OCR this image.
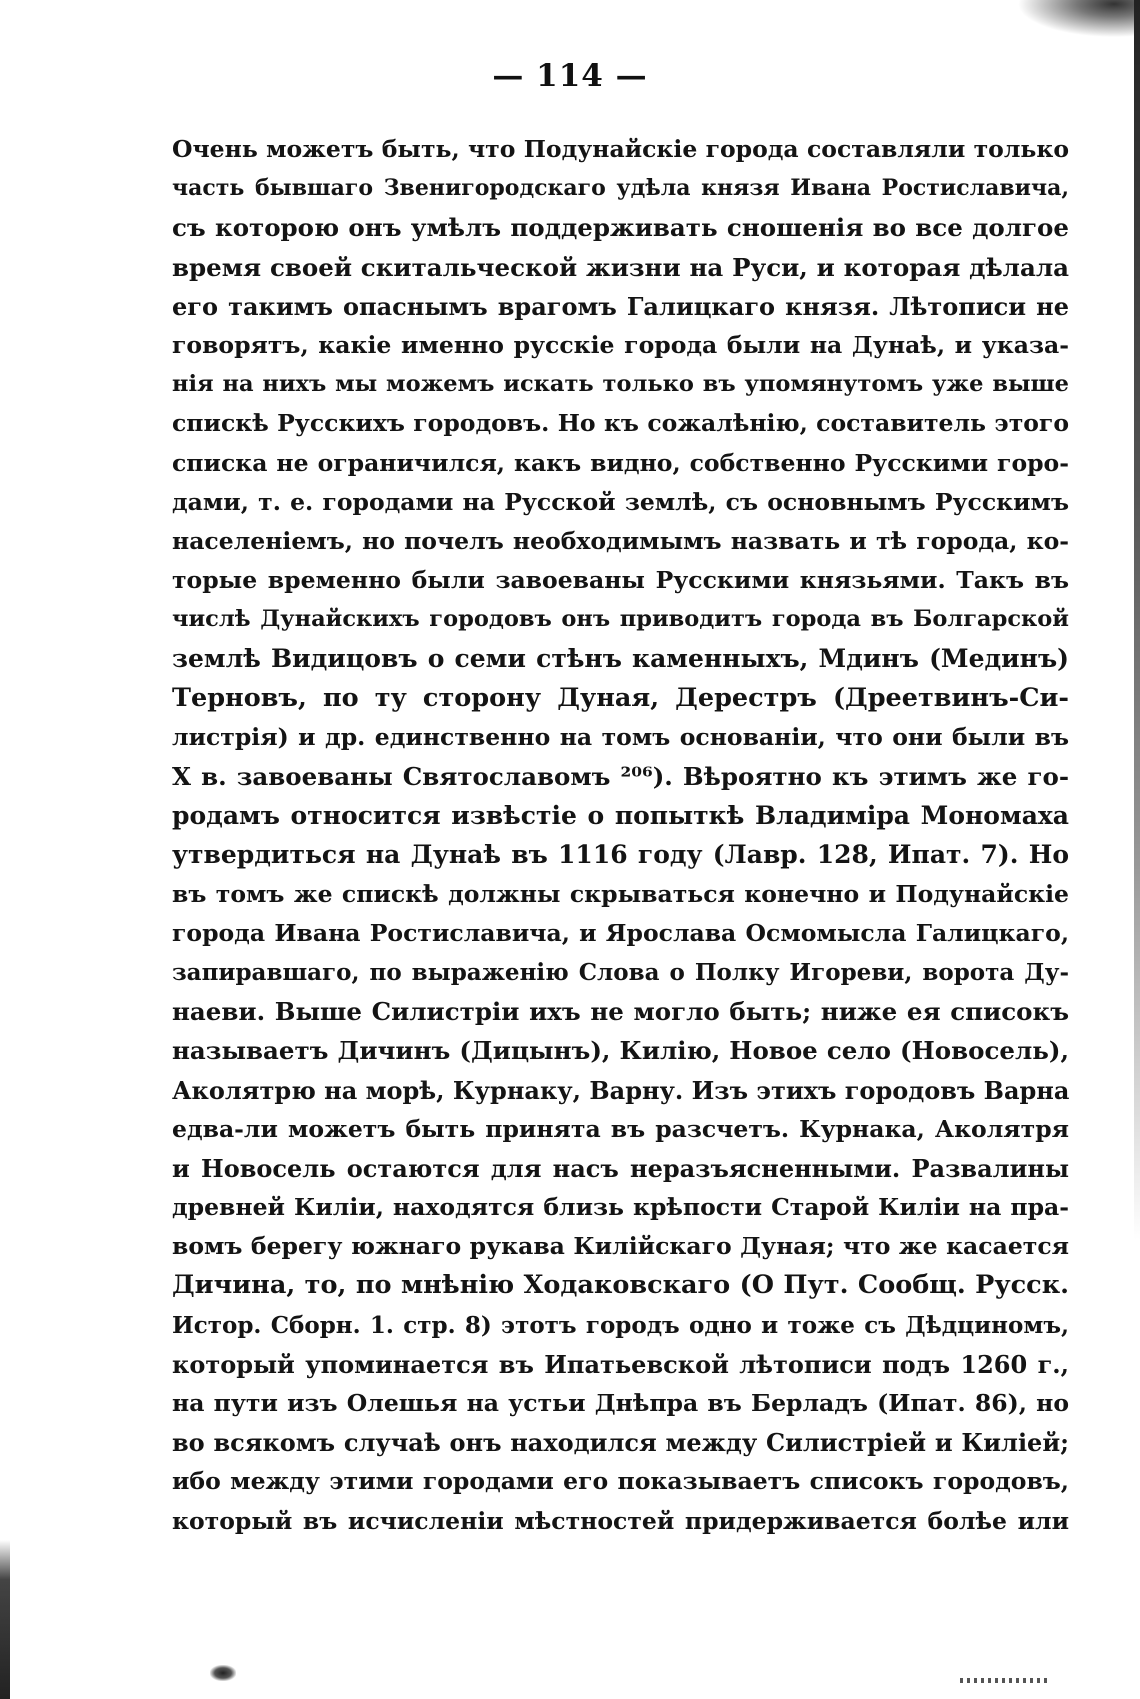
— 114 —
Очень можетъ быть, что Подунайскіе города составляли только
часть бывшаго Звенигородскаго удѣла князя Ивана Ростиславича,
съ которою онъ умѣлъ поддерживать сношенія во все долгое
время своей скитальческой жизни на Руси, и которая дѣлала
его такимъ опаснымъ врагомъ Галицкаго князя. Лѣтописи не
говорятъ, какіе именно русскіе города были на Дунаѣ, и указа-
нія на нихъ мы можемъ искать только въ упомянутомъ уже выше
спискѣ Русскихъ городовъ. Но къ сожалѣнію, составитель этого
списка не ограничился, какъ видно, собственно Русскими горо-
дами, т. е. городами на Русской землѣ, съ основнымъ Русскимъ
населеніемъ, но почелъ необходимымъ назвать и тѣ города, ко-
торые временно были завоеваны Русскими князьями. Такъ въ
числѣ Дунайскихъ городовъ онъ приводитъ города въ Болгарской
землѣ Видицовъ о семи стѣнъ каменныхъ, Мдинъ (Мединъ)
Терновъ, по ту сторону Дуная, Дерестръ (Дреетвинъ-Си-
листрія) и др. единственно на томъ основаніи, что они были въ
X в. завоеваны Святославомъ ²⁰⁶). Вѣроятно къ этимъ же го-
родамъ относится извѣстіе о попыткѣ Владиміра Мономаха
утвердиться на Дунаѣ въ 1116 году (Лавр. 128, Ипат. 7). Но
въ томъ же спискѣ должны скрываться конечно и Подунайскіе
города Ивана Ростиславича, и Ярослава Осмомысла Галицкаго,
запиравшаго, по выраженію Слова о Полку Игореви, ворота Ду-
наеви. Выше Силистріи ихъ не могло быть; ниже ея списокъ
называетъ Дичинъ (Дицынъ), Килію, Новое село (Новосель),
Аколятрю на морѣ, Курнаку, Варну. Изъ этихъ городовъ Варна
едва-ли можетъ быть принята въ разсчетъ. Курнака, Аколятря
и Новосель остаются для насъ неразъясненными. Развалины
древней Киліи, находятся близь крѣпости Старой Киліи на пра-
вомъ берегу южнаго рукава Килійскаго Дуная; что же касается
Дичина, то, по мнѣнію Ходаковскаго (О Пут. Сообщ. Русск.
Истор. Сборн. 1. стр. 8) этотъ городъ одно и тоже съ Дѣдциномъ,
который упоминается въ Ипатьевской лѣтописи подъ 1260 г.,
на пути изъ Олешья на устьи Днѣпра въ Берладъ (Ипат. 86), но
во всякомъ случаѣ онъ находился между Силистріей и Киліей;
ибо между этими городами его показываетъ списокъ городовъ,
который въ исчисленіи мѣстностей придерживается болѣе или
